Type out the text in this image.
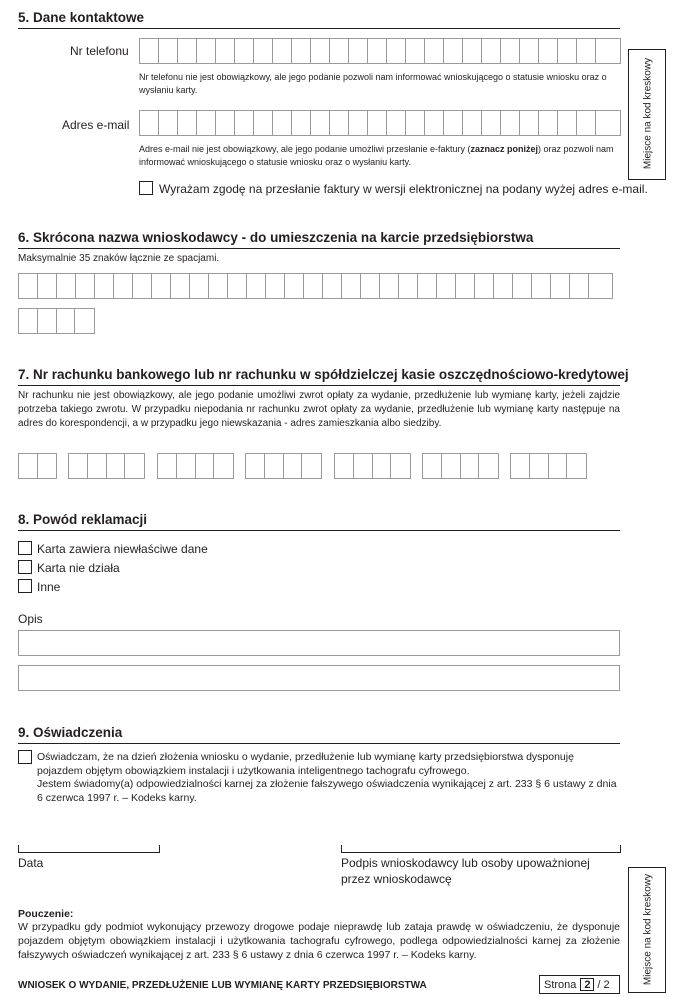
5. Dane kontaktowe
Nr telefonu
Nr telefonu nie jest obowiązkowy, ale jego podanie pozwoli nam informować wnioskującego o statusie wniosku oraz o wysłaniu karty.
Adres e-mail
Adres e-mail nie jest obowiązkowy, ale jego podanie umożliwi przesłanie e-faktury (zaznacz poniżej) oraz pozwoli nam informować wnioskującego o statusie wniosku oraz o wysłaniu karty.
Wyrażam zgodę na przesłanie faktury w wersji elektronicznej na podany wyżej adres e-mail.
6. Skrócona nazwa wnioskodawcy - do umieszczenia na karcie przedsiębiorstwa
Maksymalnie 35 znaków łącznie ze spacjami.
7. Nr rachunku bankowego lub nr rachunku w spółdzielczej kasie oszczędnościowo-kredytowej
Nr rachunku nie jest obowiązkowy, ale jego podanie umożliwi zwrot opłaty za wydanie, przedłużenie lub wymianę karty, jeżeli zajdzie potrzeba takiego zwrotu. W przypadku niepodania nr rachunku zwrot opłaty za wydanie, przedłużenie lub wymianę karty następuje na adres do korespondencji, a w przypadku jego niewskazania - adres zamieszkania albo siedziby.
8. Powód reklamacji
Karta zawiera niewłaściwe dane
Karta nie działa
Inne
Opis
9. Oświadczenia
Oświadczam, że na dzień złożenia wniosku o wydanie, przedłużenie lub wymianę karty przedsiębiorstwa dysponuję pojazdem objętym obowiązkiem instalacji i użytkowania inteligentnego tachografu cyfrowego.
Jestem świadomy(a) odpowiedzialności karnej za złożenie fałszywego oświadczenia wynikającej z art. 233 § 6 ustawy z dnia 6 czerwca 1997 r. – Kodeks karny.
Data	Podpis wnioskodawcy lub osoby upoważnionej
przez wnioskodawcę
Pouczenie:
W przypadku gdy podmiot wykonujący przewozy drogowe podaje nieprawdę lub zataja prawdę w oświadczeniu, że dysponuje pojazdem objętym obowiązkiem instalacji i użytkowania tachografu cyfrowego, podlega odpowiedzialności karnej za złożenie fałszywych oświadczeń wynikającej z art. 233 § 6 ustawy z dnia 6 czerwca 1997 r. – Kodeks karny.
WNIOSEK O WYDANIE, PRZEDŁUŻENIE LUB WYMIANĘ KARTY PRZEDSIĘBIORSTWA	Strona 2 / 2
Miejsce na kod kreskowy
Miejsce na kod kreskowy
